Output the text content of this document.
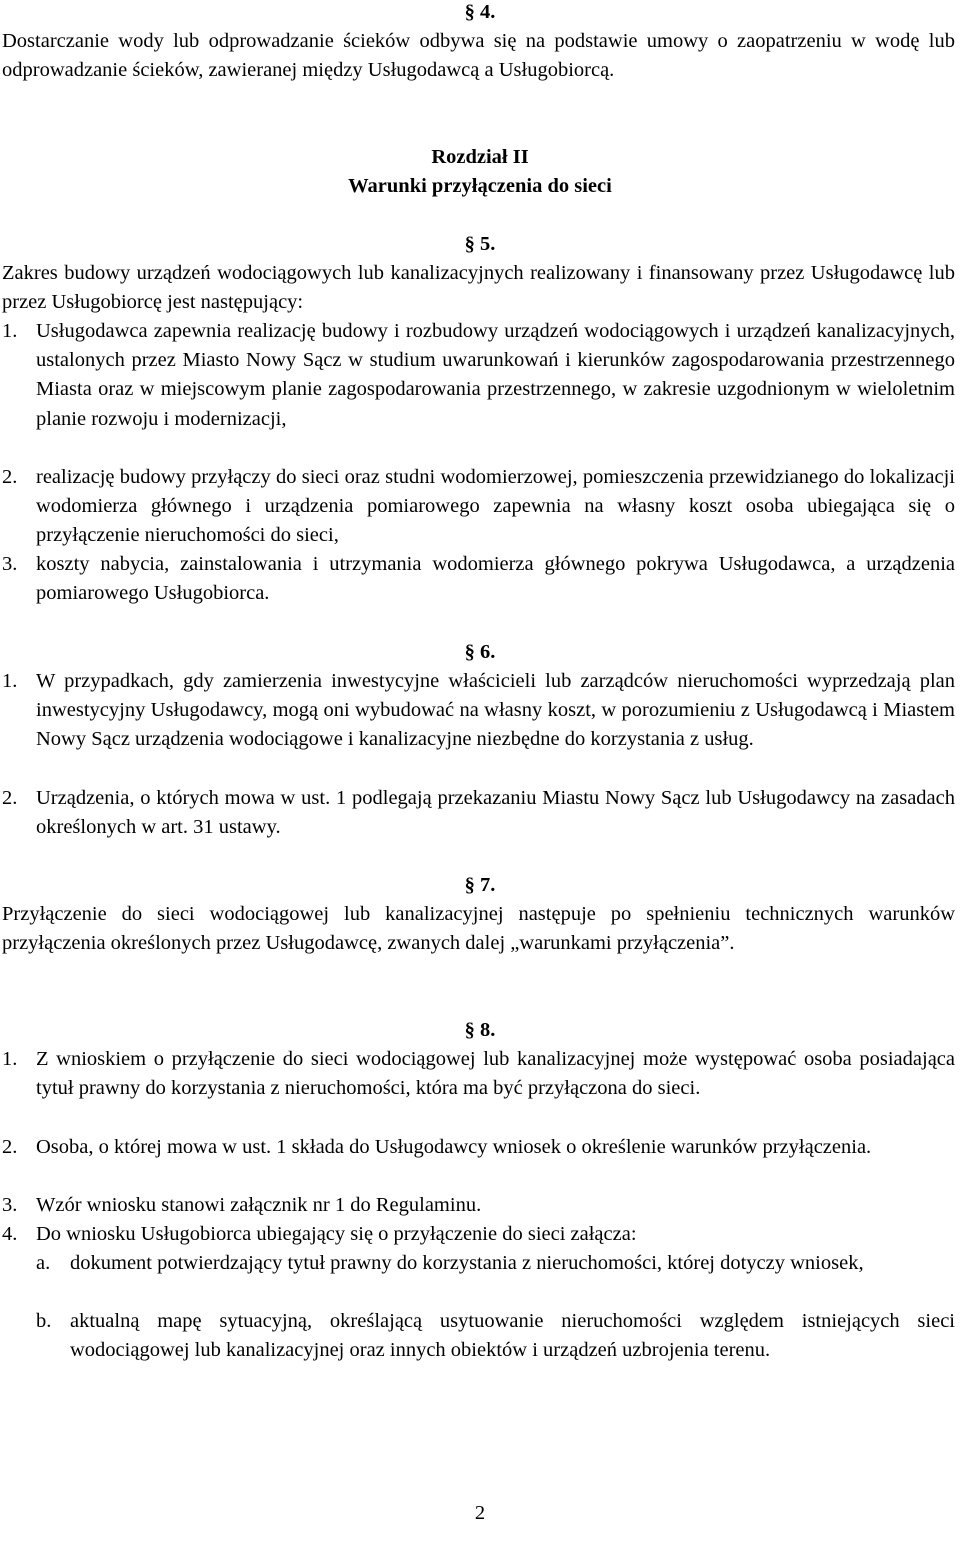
§ 4.
Dostarczanie wody lub odprowadzanie ścieków odbywa się na podstawie umowy o zaopatrzeniu w wodę lub odprowadzanie ścieków, zawieranej między Usługodawcą a Usługobiorcą.
Rozdział II
Warunki przyłączenia do sieci
§ 5.
Zakres budowy urządzeń wodociągowych lub kanalizacyjnych realizowany i finansowany przez Usługodawcę lub przez Usługobiorcę jest następujący:
1. Usługodawca zapewnia realizację budowy i rozbudowy urządzeń wodociągowych i urządzeń kanalizacyjnych, ustalonych przez Miasto Nowy Sącz w studium uwarunkowań i kierunków zagospodarowania przestrzennego Miasta oraz w miejscowym planie zagospodarowania przestrzennego, w zakresie uzgodnionym w wieloletnim planie rozwoju i modernizacji,
2. realizację budowy przyłączy do sieci oraz studni wodomierzowej, pomieszczenia przewidzianego do lokalizacji wodomierza głównego i urządzenia pomiarowego zapewnia na własny koszt osoba ubiegająca się o przyłączenie nieruchomości do sieci,
3. koszty nabycia, zainstalowania i utrzymania wodomierza głównego pokrywa Usługodawca, a urządzenia pomiarowego Usługobiorca.
§ 6.
1. W przypadkach, gdy zamierzenia inwestycyjne właścicieli lub zarządców nieruchomości wyprzedzają plan inwestycyjny Usługodawcy, mogą oni wybudować na własny koszt, w porozumieniu z Usługodawcą i Miastem Nowy Sącz urządzenia wodociągowe i kanalizacyjne niezbędne do korzystania z usług.
2. Urządzenia, o których mowa w ust. 1 podlegają przekazaniu Miastu Nowy Sącz lub Usługodawcy na zasadach określonych w art. 31 ustawy.
§ 7.
Przyłączenie do sieci wodociągowej lub kanalizacyjnej następuje po spełnieniu technicznych warunków przyłączenia określonych przez Usługodawcę, zwanych dalej „warunkami przyłączenia”.
§ 8.
1. Z wnioskiem o przyłączenie do sieci wodociągowej lub kanalizacyjnej może występować osoba posiadająca tytuł prawny do korzystania z nieruchomości, która ma być przyłączona do sieci.
2. Osoba, o której mowa w ust. 1 składa do Usługodawcy wniosek o określenie warunków przyłączenia.
3. Wzór wniosku stanowi załącznik nr 1 do Regulaminu.
4. Do wniosku Usługobiorca ubiegający się o przyłączenie do sieci załącza:
a. dokument potwierdzający tytuł prawny do korzystania z nieruchomości, której dotyczy wniosek,
b. aktualną mapę sytuacyjną, określającą usytuowanie nieruchomości względem istniejących sieci wodociągowej lub kanalizacyjnej oraz innych obiektów i urządzeń uzbrojenia terenu.
2
